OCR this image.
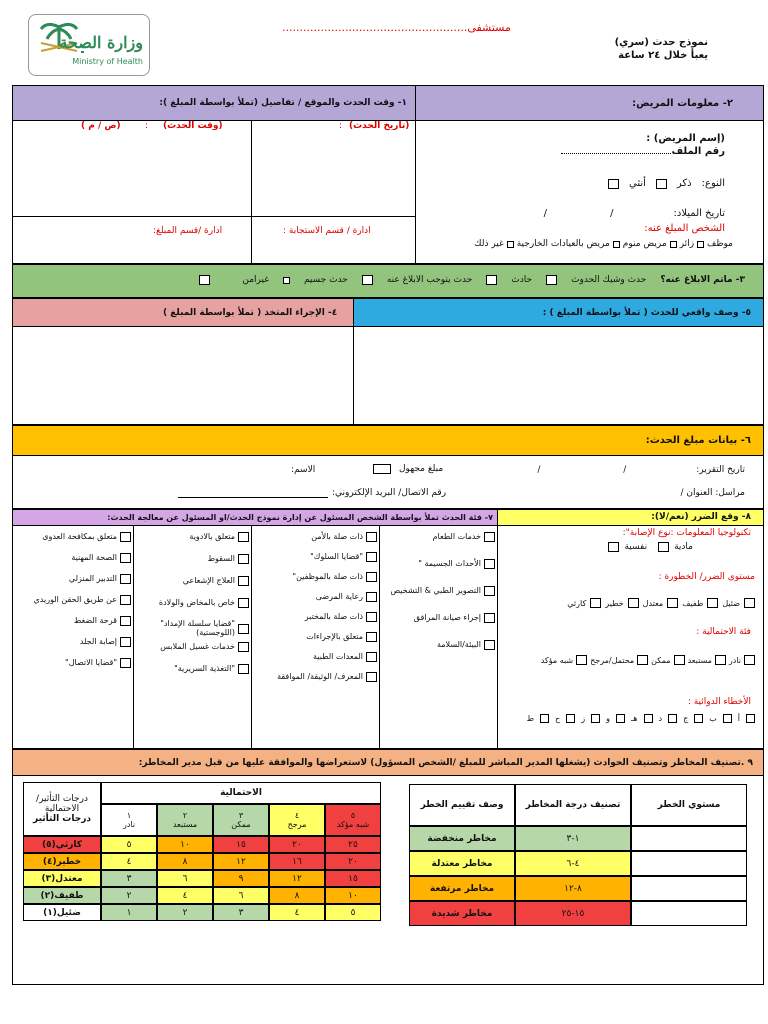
وزارة الصحة
Ministry of Health
مستشفى.....................................................
نموذج حدث (سري)
يعبأ خلال ٢٤ ساعة
١- وقت الحدث والموقع / تفاصيل (تملأ بواسطة المبلغ ):	٢- معلومات المريض:
(وقت الحدث)
:
(ص / م )	(تاريخ الحدث)
:
ادارة /قسم المبلغ:	ادارة / قسم الاستجابة :
(إسم المريض) :
رقم الملف
النوع:
ذكر
أنثي
تاريخ الميلاد:
/ /
الشخص المبلغ عنه:
موظف
زائر
مريض منوم
مريض بالعيادات الخارجية
غير ذلك
٣- ماتم الابلاغ عنه؟
حدث وشيك الحدوث
حادث
حدث يتوجب الابلاغ عنه
حدث جسيم
غيرامن
٤- الإجراء المتخذ ( تملأ بواسطة المبلغ )	٥- وصف واقعي للحدث ( تملأ بواسطة المبلغ ) :
٦- بيانات مبلغ الحدث:
تاريخ التقرير:
/ /
مبلغ مجهول
الاسم:
مراسل: العنوان /
رقم الاتصال/ البريد الإلكتروني:
٧- فئة الحدث تملأ بواسطة الشخص المسئول عن إدارة نموذج الحدث/او المسئول عن معالجة الحدث:	٨- وقع الضرر (نعم/لا):
خدمات الطعام
الأحداث الجسيمة "
التصوير الطبي & التشخيص
إجراء صيانة المرافق
البيئة/السلامة
ذات صلة بالأمن
"قضايا السلوك"
ذات صلة بالموظفين"
رعاية المرضى
ذات صلة بالمختبر
متعلق بالإجراءات
المعدات الطبية
المعرف/ الوثيقة/ الموافقة
متعلق بالادوية
السقوط
العلاج الإشعاعي
خاص بالمخاض والولادة
"قضايا سلسلة الإمداد" (اللوجستية)
خدمات غسيل الملابس
"التغذية السريرية"
متعلق بمكافحة العدوى
الصحة المهنية
التدبير المنزلي
عن طريق الحقن الوريدي
قرحة الضغط
إصابة الجلد
"قضايا الاتصال"
تكنولوجيا المعلومات :نوع الإصابة":
مادية
نفسية
مستوى الضرر/ الخطورة :
ضئيل
طفيف
معتدل
خطير
كارثي
فئة الاحتمالية :
نادر
مستبعد
ممكن
محتمل/مرجح
شبه مؤكد
الأخطاء الدوائية :
أ
ب
ج
د
هـ
و
ز
ح
ط
٩ .تصنيف المخاطر وتصنيف الحوادث (يشغلها المدير المباشر للمبلغ /الشخص المسؤول) لاستعراضها والموافقة عليها من قبل مدير المخاطر:
درجات التأثير/
الاحتمالية
درجات التأثير
الاحتمالية
١
نادر
٢
مستبعد
٣
ممكن
٤
مرجح
٥
شبه مؤكد
كارثي(٥)	٥	١٠	١٥	٢٠	٢٥
خطير(٤)	٤	٨	١٢	١٦	٢٠
معتدل(٣)	٣	٦	٩	١٢	١٥
طفيف(٢)	٢	٤	٦	٨	١٠
ضئيل(١)	١	٢	٣	٤	٥
وصف تقييم الخطر	تصنيف درجة المخاطر	مستوي الخطر
مخاطر منخفضة	١-٣
مخاطر معتدلة	٤-٦
مخاطر مرتفعة	٨-١٢
مخاطر شديدة	١٥-٢٥
